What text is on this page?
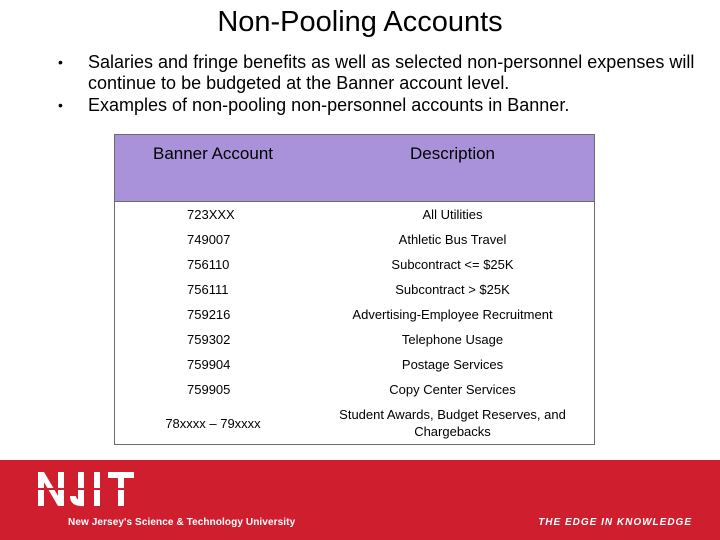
Non-Pooling Accounts
• Salaries and fringe benefits as well as selected non-personnel expenses will continue to be budgeted at the Banner account level.
• Examples of non-pooling non-personnel accounts in Banner.
Banner Account	Description
723XXX	All Utilities
749007	Athletic Bus Travel
756110	Subcontract <= $25K
756111	Subcontract > $25K
759216	Advertising-Employee Recruitment
759302	Telephone Usage
759904	Postage Services
759905	Copy Center Services
78xxxx – 79xxxx	Student Awards, Budget Reserves, and Chargebacks
New Jersey's Science & Technology University	THE EDGE IN KNOWLEDGE
